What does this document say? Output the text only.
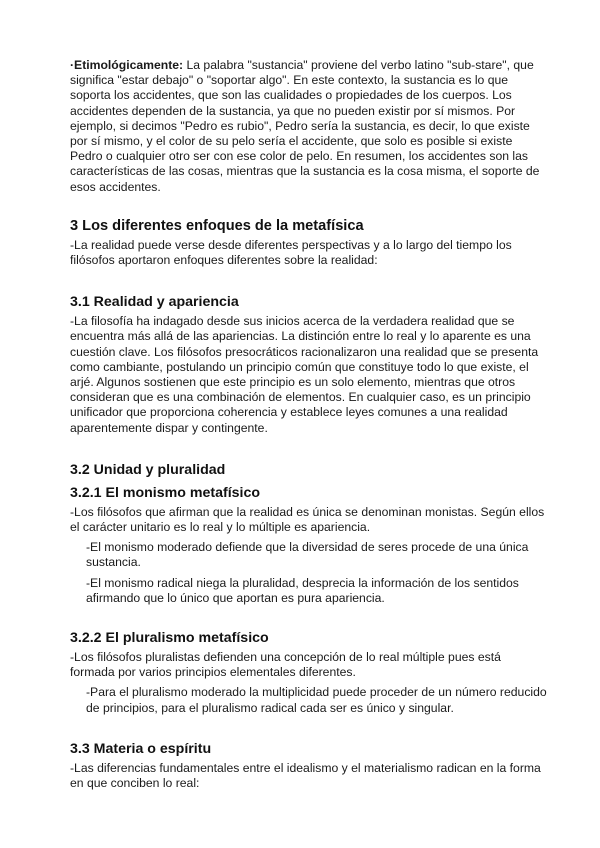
·Etimológicamente: La palabra "sustancia" proviene del verbo latino "sub-stare", que significa "estar debajo" o "soportar algo". En este contexto, la sustancia es lo que soporta los accidentes, que son las cualidades o propiedades de los cuerpos. Los accidentes dependen de la sustancia, ya que no pueden existir por sí mismos. Por ejemplo, si decimos "Pedro es rubio", Pedro sería la sustancia, es decir, lo que existe por sí mismo, y el color de su pelo sería el accidente, que solo es posible si existe Pedro o cualquier otro ser con ese color de pelo. En resumen, los accidentes son las características de las cosas, mientras que la sustancia es la cosa misma, el soporte de esos accidentes.

3 Los diferentes enfoques de la metafísica

-La realidad puede verse desde diferentes perspectivas y a lo largo del tiempo los filósofos aportaron enfoques diferentes sobre la realidad:

3.1 Realidad y apariencia

-La filosofía ha indagado desde sus inicios acerca de la verdadera realidad que se encuentra más allá de las apariencias. La distinción entre lo real y lo aparente es una cuestión clave. Los filósofos presocráticos racionalizaron una realidad que se presenta como cambiante, postulando un principio común que constituye todo lo que existe, el arjé. Algunos sostienen que este principio es un solo elemento, mientras que otros consideran que es una combinación de elementos. En cualquier caso, es un principio unificador que proporciona coherencia y establece leyes comunes a una realidad aparentemente dispar y contingente.

3.2 Unidad y pluralidad
3.2.1 El monismo metafísico

-Los filósofos que afirman que la realidad es única se denominan monistas. Según ellos el carácter unitario es lo real y lo múltiple es apariencia.

-El monismo moderado defiende que la diversidad de seres procede de una única sustancia.

-El monismo radical niega la pluralidad, desprecia la información de los sentidos afirmando que lo único que aportan es pura apariencia.

3.2.2 El pluralismo metafísico

-Los filósofos pluralistas defienden una concepción de lo real múltiple pues está formada por varios principios elementales diferentes.

-Para el pluralismo moderado la multiplicidad puede proceder de un número reducido de principios, para el pluralismo radical cada ser es único y singular.

3.3 Materia o espíritu

-Las diferencias fundamentales entre el idealismo y el materialismo radican en la forma en que conciben lo real:
